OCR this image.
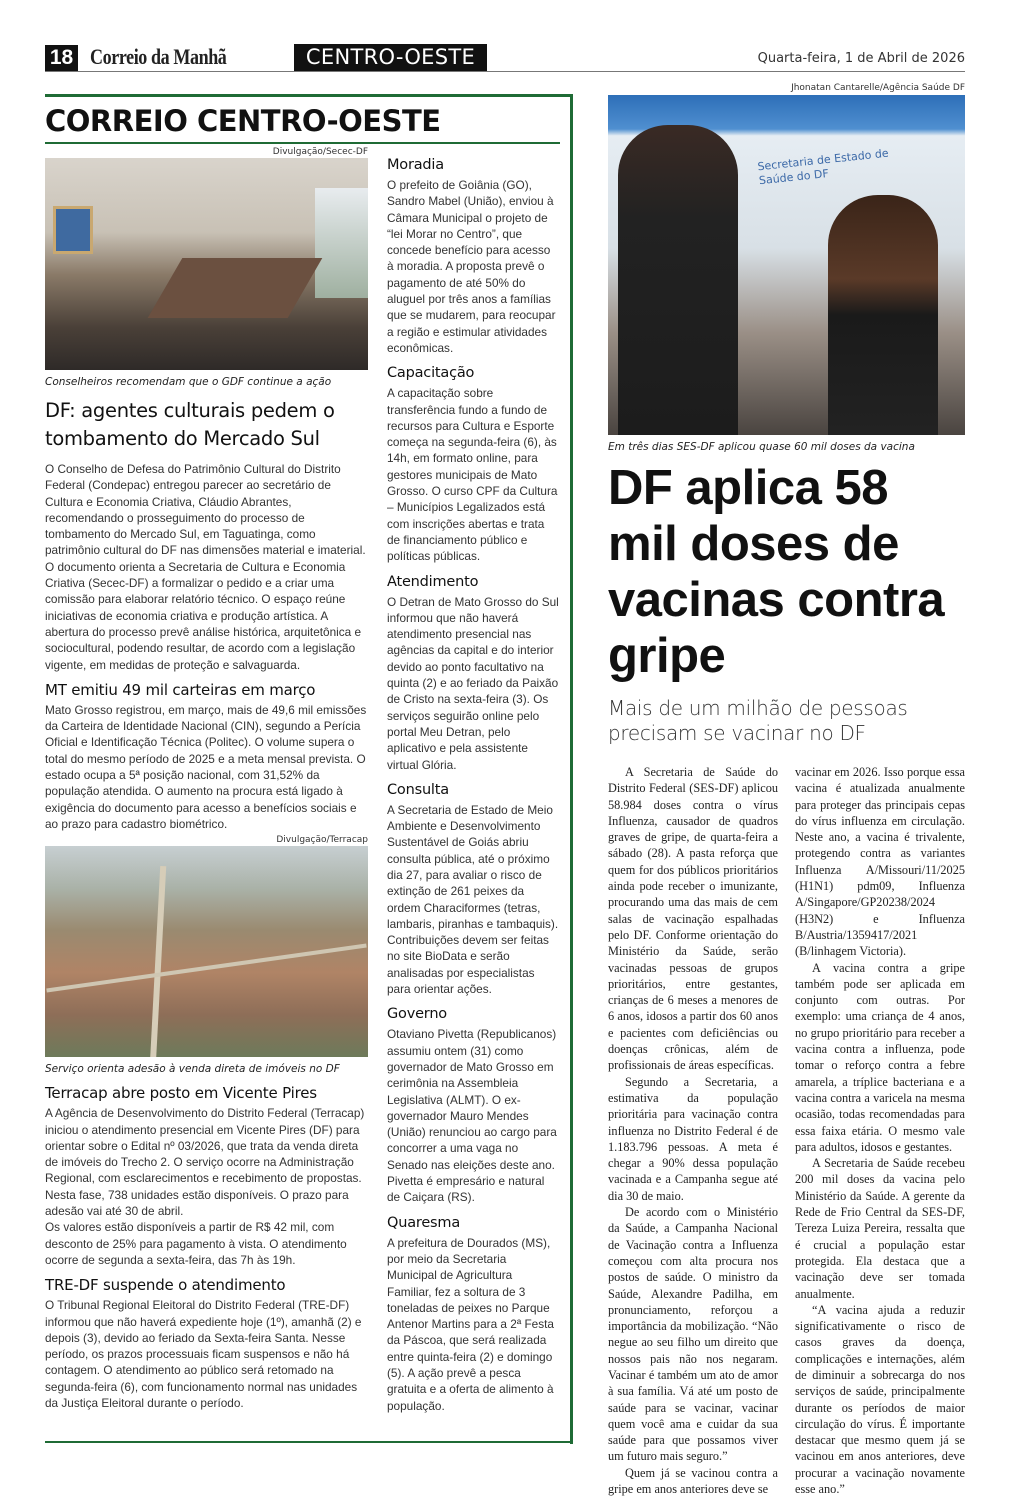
18 Correio da Manhã	CENTRO-OESTE	Quarta-feira, 1 de Abril de 2026
CORREIO CENTRO-OESTE
Divulgação/Secec-DF
Conselheiros recomendam que o GDF continue a ação
DF: agentes culturais pedem o tombamento do Mercado Sul
O Conselho de Defesa do Patrimônio Cultural do Distrito Federal (Condepac) entregou parecer ao secretário de Cultura e Economia Criativa, Cláudio Abrantes, recomendando o prosseguimento do processo de tombamento do Mercado Sul, em Taguatinga, como patrimônio cultural do DF nas dimensões material e imaterial.
O documento orienta a Secretaria de Cultura e Economia Criativa (Secec-DF) a formalizar o pedido e a criar uma comissão para elaborar relatório técnico. O espaço reúne iniciativas de economia criativa e produção artística. A abertura do processo prevê análise histórica, arquitetônica e sociocultural, podendo resultar, de acordo com a legislação vigente, em medidas de proteção e salvaguarda.
MT emitiu 49 mil carteiras em março
Mato Grosso registrou, em março, mais de 49,6 mil emissões da Carteira de Identidade Nacional (CIN), segundo a Perícia Oficial e Identificação Técnica (Politec). O volume supera o total do mesmo período de 2025 e a meta mensal prevista. O estado ocupa a 5ª posição nacional, com 31,52% da população atendida. O aumento na procura está ligado à exigência do documento para acesso a benefícios sociais e ao prazo para cadastro biométrico.
Divulgação/Terracap
Serviço orienta adesão à venda direta de imóveis no DF
Terracap abre posto em Vicente Pires
A Agência de Desenvolvimento do Distrito Federal (Terracap) iniciou o atendimento presencial em Vicente Pires (DF) para orientar sobre o Edital nº 03/2026, que trata da venda direta de imóveis do Trecho 2. O serviço ocorre na Administração Regional, com esclarecimentos e recebimento de propostas. Nesta fase, 738 unidades estão disponíveis. O prazo para adesão vai até 30 de abril.
Os valores estão disponíveis a partir de R$ 42 mil, com desconto de 25% para pagamento à vista. O atendimento ocorre de segunda a sexta-feira, das 7h às 19h.
TRE-DF suspende o atendimento
O Tribunal Regional Eleitoral do Distrito Federal (TRE-DF) informou que não haverá expediente hoje (1º), amanhã (2) e depois (3), devido ao feriado da Sexta-feira Santa. Nesse período, os prazos processuais ficam suspensos e não há contagem. O atendimento ao público será retomado na segunda-feira (6), com funcionamento normal nas unidades da Justiça Eleitoral durante o período.
Moradia
O prefeito de Goiânia (GO), Sandro Mabel (União), enviou à Câmara Municipal o projeto de “lei Morar no Centro”, que concede benefício para acesso à moradia. A proposta prevê o pagamento de até 50% do aluguel por três anos a famílias que se mudarem, para reocupar a região e estimular atividades econômicas.
Capacitação
A capacitação sobre transferência fundo a fundo de recursos para Cultura e Esporte começa na segunda-feira (6), às 14h, em formato online, para gestores municipais de Mato Grosso. O curso CPF da Cultura – Municípios Legalizados está com inscrições abertas e trata de financiamento público e políticas públicas.
Atendimento
O Detran de Mato Grosso do Sul informou que não haverá atendimento presencial nas agências da capital e do interior devido ao ponto facultativo na quinta (2) e ao feriado da Paixão de Cristo na sexta-feira (3). Os serviços seguirão online pelo portal Meu Detran, pelo aplicativo e pela assistente virtual Glória.
Consulta
A Secretaria de Estado de Meio Ambiente e Desenvolvimento Sustentável de Goiás abriu consulta pública, até o próximo dia 27, para avaliar o risco de extinção de 261 peixes da ordem Characiformes (tetras, lambaris, piranhas e tambaquis). Contribuições devem ser feitas no site BioData e serão analisadas por especialistas para orientar ações.
Governo
Otaviano Pivetta (Republicanos) assumiu ontem (31) como governador de Mato Grosso em cerimônia na Assembleia Legislativa (ALMT). O ex-governador Mauro Mendes (União) renunciou ao cargo para concorrer a uma vaga no Senado nas eleições deste ano. Pivetta é empresário e natural de Caiçara (RS).
Quaresma
A prefeitura de Dourados (MS), por meio da Secretaria Municipal de Agricultura Familiar, fez a soltura de 3 toneladas de peixes no Parque Antenor Martins para a 2ª Festa da Páscoa, que será realizada entre quinta-feira (2) e domingo (5). A ação prevê a pesca gratuita e a oferta de alimento à população.
Jhonatan Cantarelle/Agência Saúde DF
Secretaria de Estado de Saúde do DF
Em três dias SES-DF aplicou quase 60 mil doses da vacina
DF aplica 58 mil doses de vacinas contra gripe
Mais de um milhão de pessoas precisam se vacinar no DF

A Secretaria de Saúde do Distrito Federal (SES-DF) aplicou 58.984 doses contra o vírus Influenza, causador de quadros graves de gripe, de quarta-feira a sábado (28). A pasta reforça que quem for dos públicos prioritários ainda pode receber o imunizante, procurando uma das mais de cem salas de vacinação espalhadas pelo DF. Conforme orientação do Ministério da Saúde, serão vacinadas pessoas de grupos prioritários, entre gestantes, crianças de 6 meses a menores de 6 anos, idosos a partir dos 60 anos e pacientes com deficiências ou doenças crônicas, além de profissionais de áreas específicas.

Segundo a Secretaria, a estimativa da população prioritária para vacinação contra influenza no Distrito Federal é de 1.183.796 pessoas. A meta é chegar a 90% dessa população vacinada e a Campanha segue até dia 30 de maio.

De acordo com o Ministério da Saúde, a Campanha Nacional de Vacinação contra a Influenza começou com alta procura nos postos de saúde. O ministro da Saúde, Alexandre Padilha, em pronunciamento, reforçou a importância da mobilização. “Não negue ao seu filho um direito que nossos pais não nos negaram. Vacinar é também um ato de amor à sua família. Vá até um posto de saúde para se vacinar, vacinar quem você ama e cuidar da sua saúde para que possamos viver um futuro mais seguro.”

Quem já se vacinou contra a gripe em anos anteriores deve se

vacinar em 2026. Isso porque essa vacina é atualizada anualmente para proteger das principais cepas do vírus influenza em circulação. Neste ano, a vacina é trivalente, protegendo contra as variantes Influenza A/Missouri/11/2025 (H1N1) pdm09, Influenza A/Singapore/GP20238/2024 (H3N2) e Influenza B/Austria/1359417/2021 (B/linhagem Victoria).

A vacina contra a gripe também pode ser aplicada em conjunto com outras. Por exemplo: uma criança de 4 anos, no grupo prioritário para receber a vacina contra a influenza, pode tomar o reforço contra a febre amarela, a tríplice bacteriana e a vacina contra a varicela na mesma ocasião, todas recomendadas para essa faixa etária. O mesmo vale para adultos, idosos e gestantes.

A Secretaria de Saúde recebeu 200 mil doses da vacina pelo Ministério da Saúde. A gerente da Rede de Frio Central da SES-DF, Tereza Luiza Pereira, ressalta que é crucial a população estar protegida. Ela destaca que a vacinação deve ser tomada anualmente.

“A vacina ajuda a reduzir significativamente o risco de casos graves da doença, complicações e internações, além de diminuir a sobrecarga do nos serviços de saúde, principalmente durante os períodos de maior circulação do vírus. É importante destacar que mesmo quem já se vacinou em anos anteriores, deve procurar a vacinação novamente esse ano.”
